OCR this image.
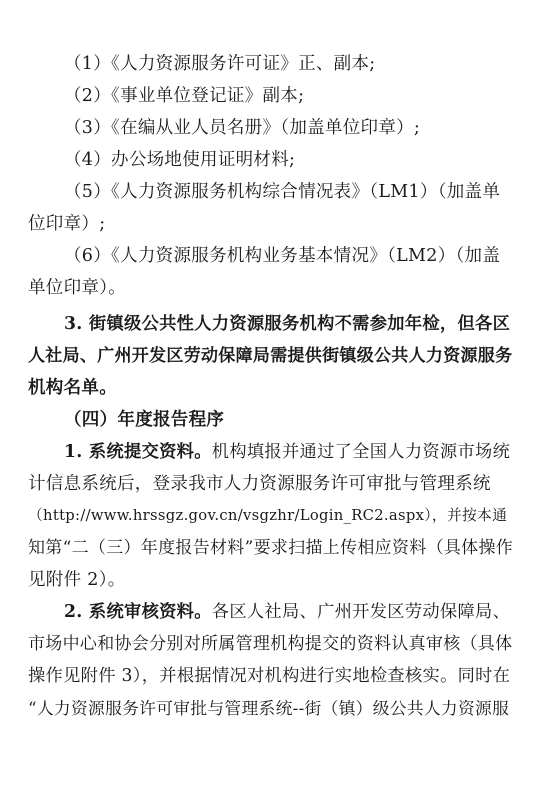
（1）《人力资源服务许可证》正、副本;
（2）《事业单位登记证》副本;
（3）《在编从业人员名册》（加盖单位印章）;
（4）办公场地使用证明材料;
（5）《人力资源服务机构综合情况表》（LM1）（加盖单
位印章）;
（6）《人力资源服务机构业务基本情况》（LM2）（加盖
单位印章）。
3. 街镇级公共性人力资源服务机构不需参加年检，但各区
人社局、广州开发区劳动保障局需提供街镇级公共人力资源服务
机构名单。
（四）年度报告程序
1. 系统提交资料。机构填报并通过了全国人力资源市场统
计信息系统后，登录我市人力资源服务许可审批与管理系统
（http://www.hrssgz.gov.cn/vsgzhr/Login_RC2.aspx），并按本通
知第“二（三）年度报告材料”要求扫描上传相应资料（具体操作
见附件 2）。
2. 系统审核资料。各区人社局、广州开发区劳动保障局、
市场中心和协会分别对所属管理机构提交的资料认真审核（具体
操作见附件 3），并根据情况对机构进行实地检查核实。同时在
“人力资源服务许可审批与管理系统--街（镇）级公共人力资源服
